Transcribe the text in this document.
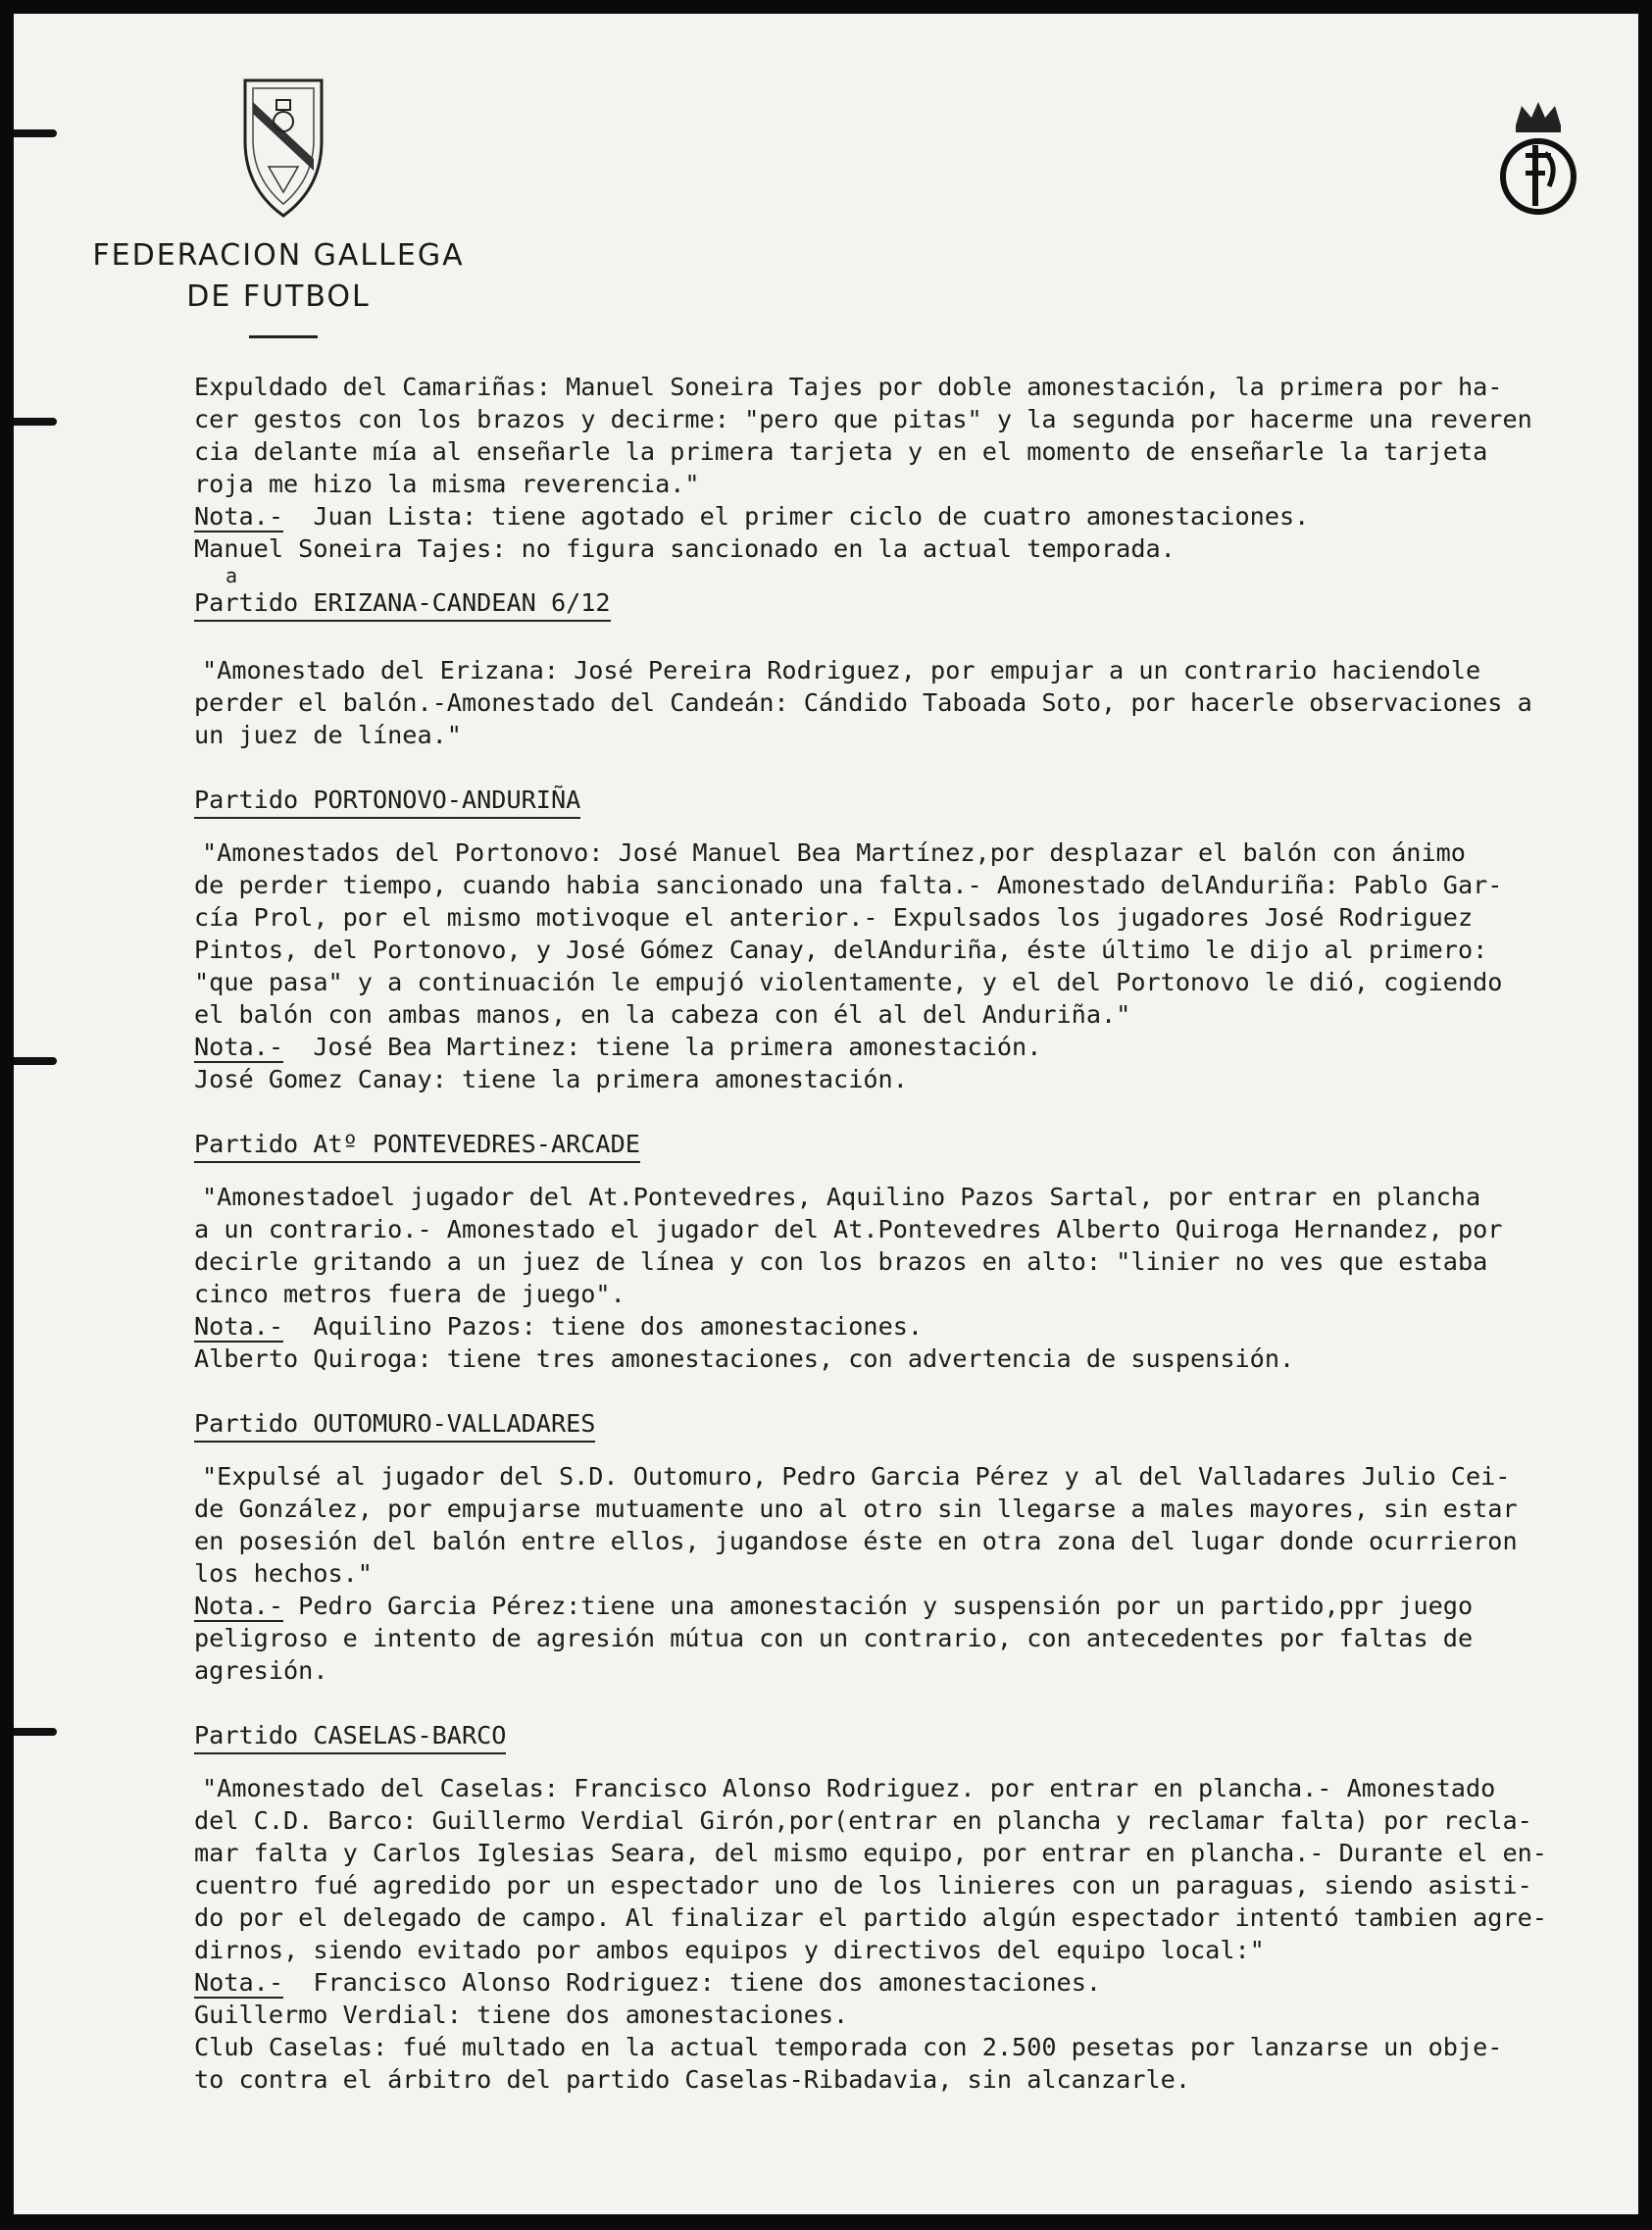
FEDERACION GALLEGA
DE FUTBOL
Expuldado del Camariñas: Manuel Soneira Tajes por doble amonestación, la primera por ha-
cer gestos con los brazos y decirme: "pero que pitas" y la segunda por hacerme una reveren
cia delante mía al enseñarle la primera tarjeta y en el momento de enseñarle la tarjeta
roja me hizo la misma reverencia."
Nota.-  Juan Lista: tiene agotado el primer ciclo de cuatro amonestaciones.
Manuel Soneira Tajes: no figura sancionado en la actual temporada.
a
Partido ERIZANA-CANDEAN 6/12
"Amonestado del Erizana: José Pereira Rodriguez, por empujar a un contrario haciendole
perder el balón.-Amonestado del Candeán: Cándido Taboada Soto, por hacerle observaciones a
un juez de línea."
Partido PORTONOVO-ANDURIÑA
"Amonestados del Portonovo: José Manuel Bea Martínez,por desplazar el balón con ánimo
de perder tiempo, cuando habia sancionado una falta.- Amonestado delAnduriña: Pablo Gar-
cía Prol, por el mismo motivoque el anterior.- Expulsados los jugadores José Rodriguez
Pintos, del Portonovo, y José Gómez Canay, delAnduriña, éste último le dijo al primero:
"que pasa" y a continuación le empujó violentamente, y el del Portonovo le dió, cogiendo
el balón con ambas manos, en la cabeza con él al del Anduriña."
Nota.-  José Bea Martinez: tiene la primera amonestación.
José Gomez Canay: tiene la primera amonestación.
Partido Atº PONTEVEDRES-ARCADE
"Amonestadoel jugador del At.Pontevedres, Aquilino Pazos Sartal, por entrar en plancha
a un contrario.- Amonestado el jugador del At.Pontevedres Alberto Quiroga Hernandez, por
decirle gritando a un juez de línea y con los brazos en alto: "linier no ves que estaba
cinco metros fuera de juego".
Nota.-  Aquilino Pazos: tiene dos amonestaciones.
Alberto Quiroga: tiene tres amonestaciones, con advertencia de suspensión.
Partido OUTOMURO-VALLADARES
"Expulsé al jugador del S.D. Outomuro, Pedro Garcia Pérez y al del Valladares Julio Cei-
de González, por empujarse mutuamente uno al otro sin llegarse a males mayores, sin estar
en posesión del balón entre ellos, jugandose éste en otra zona del lugar donde ocurrieron
los hechos."
Nota.- Pedro Garcia Pérez:tiene una amonestación y suspensión por un partido,ppr juego
peligroso e intento de agresión mútua con un contrario, con antecedentes por faltas de
agresión.
Partido CASELAS-BARCO
"Amonestado del Caselas: Francisco Alonso Rodriguez. por entrar en plancha.- Amonestado
del C.D. Barco: Guillermo Verdial Girón,por(entrar en plancha y reclamar falta) por recla-
mar falta y Carlos Iglesias Seara, del mismo equipo, por entrar en plancha.- Durante el en-
cuentro fué agredido por un espectador uno de los linieres con un paraguas, siendo asisti-
do por el delegado de campo. Al finalizar el partido algún espectador intentó tambien agre-
dirnos, siendo evitado por ambos equipos y directivos del equipo local:"
Nota.-  Francisco Alonso Rodriguez: tiene dos amonestaciones.
Guillermo Verdial: tiene dos amonestaciones.
Club Caselas: fué multado en la actual temporada con 2.500 pesetas por lanzarse un obje-
to contra el árbitro del partido Caselas-Ribadavia, sin alcanzarle.
